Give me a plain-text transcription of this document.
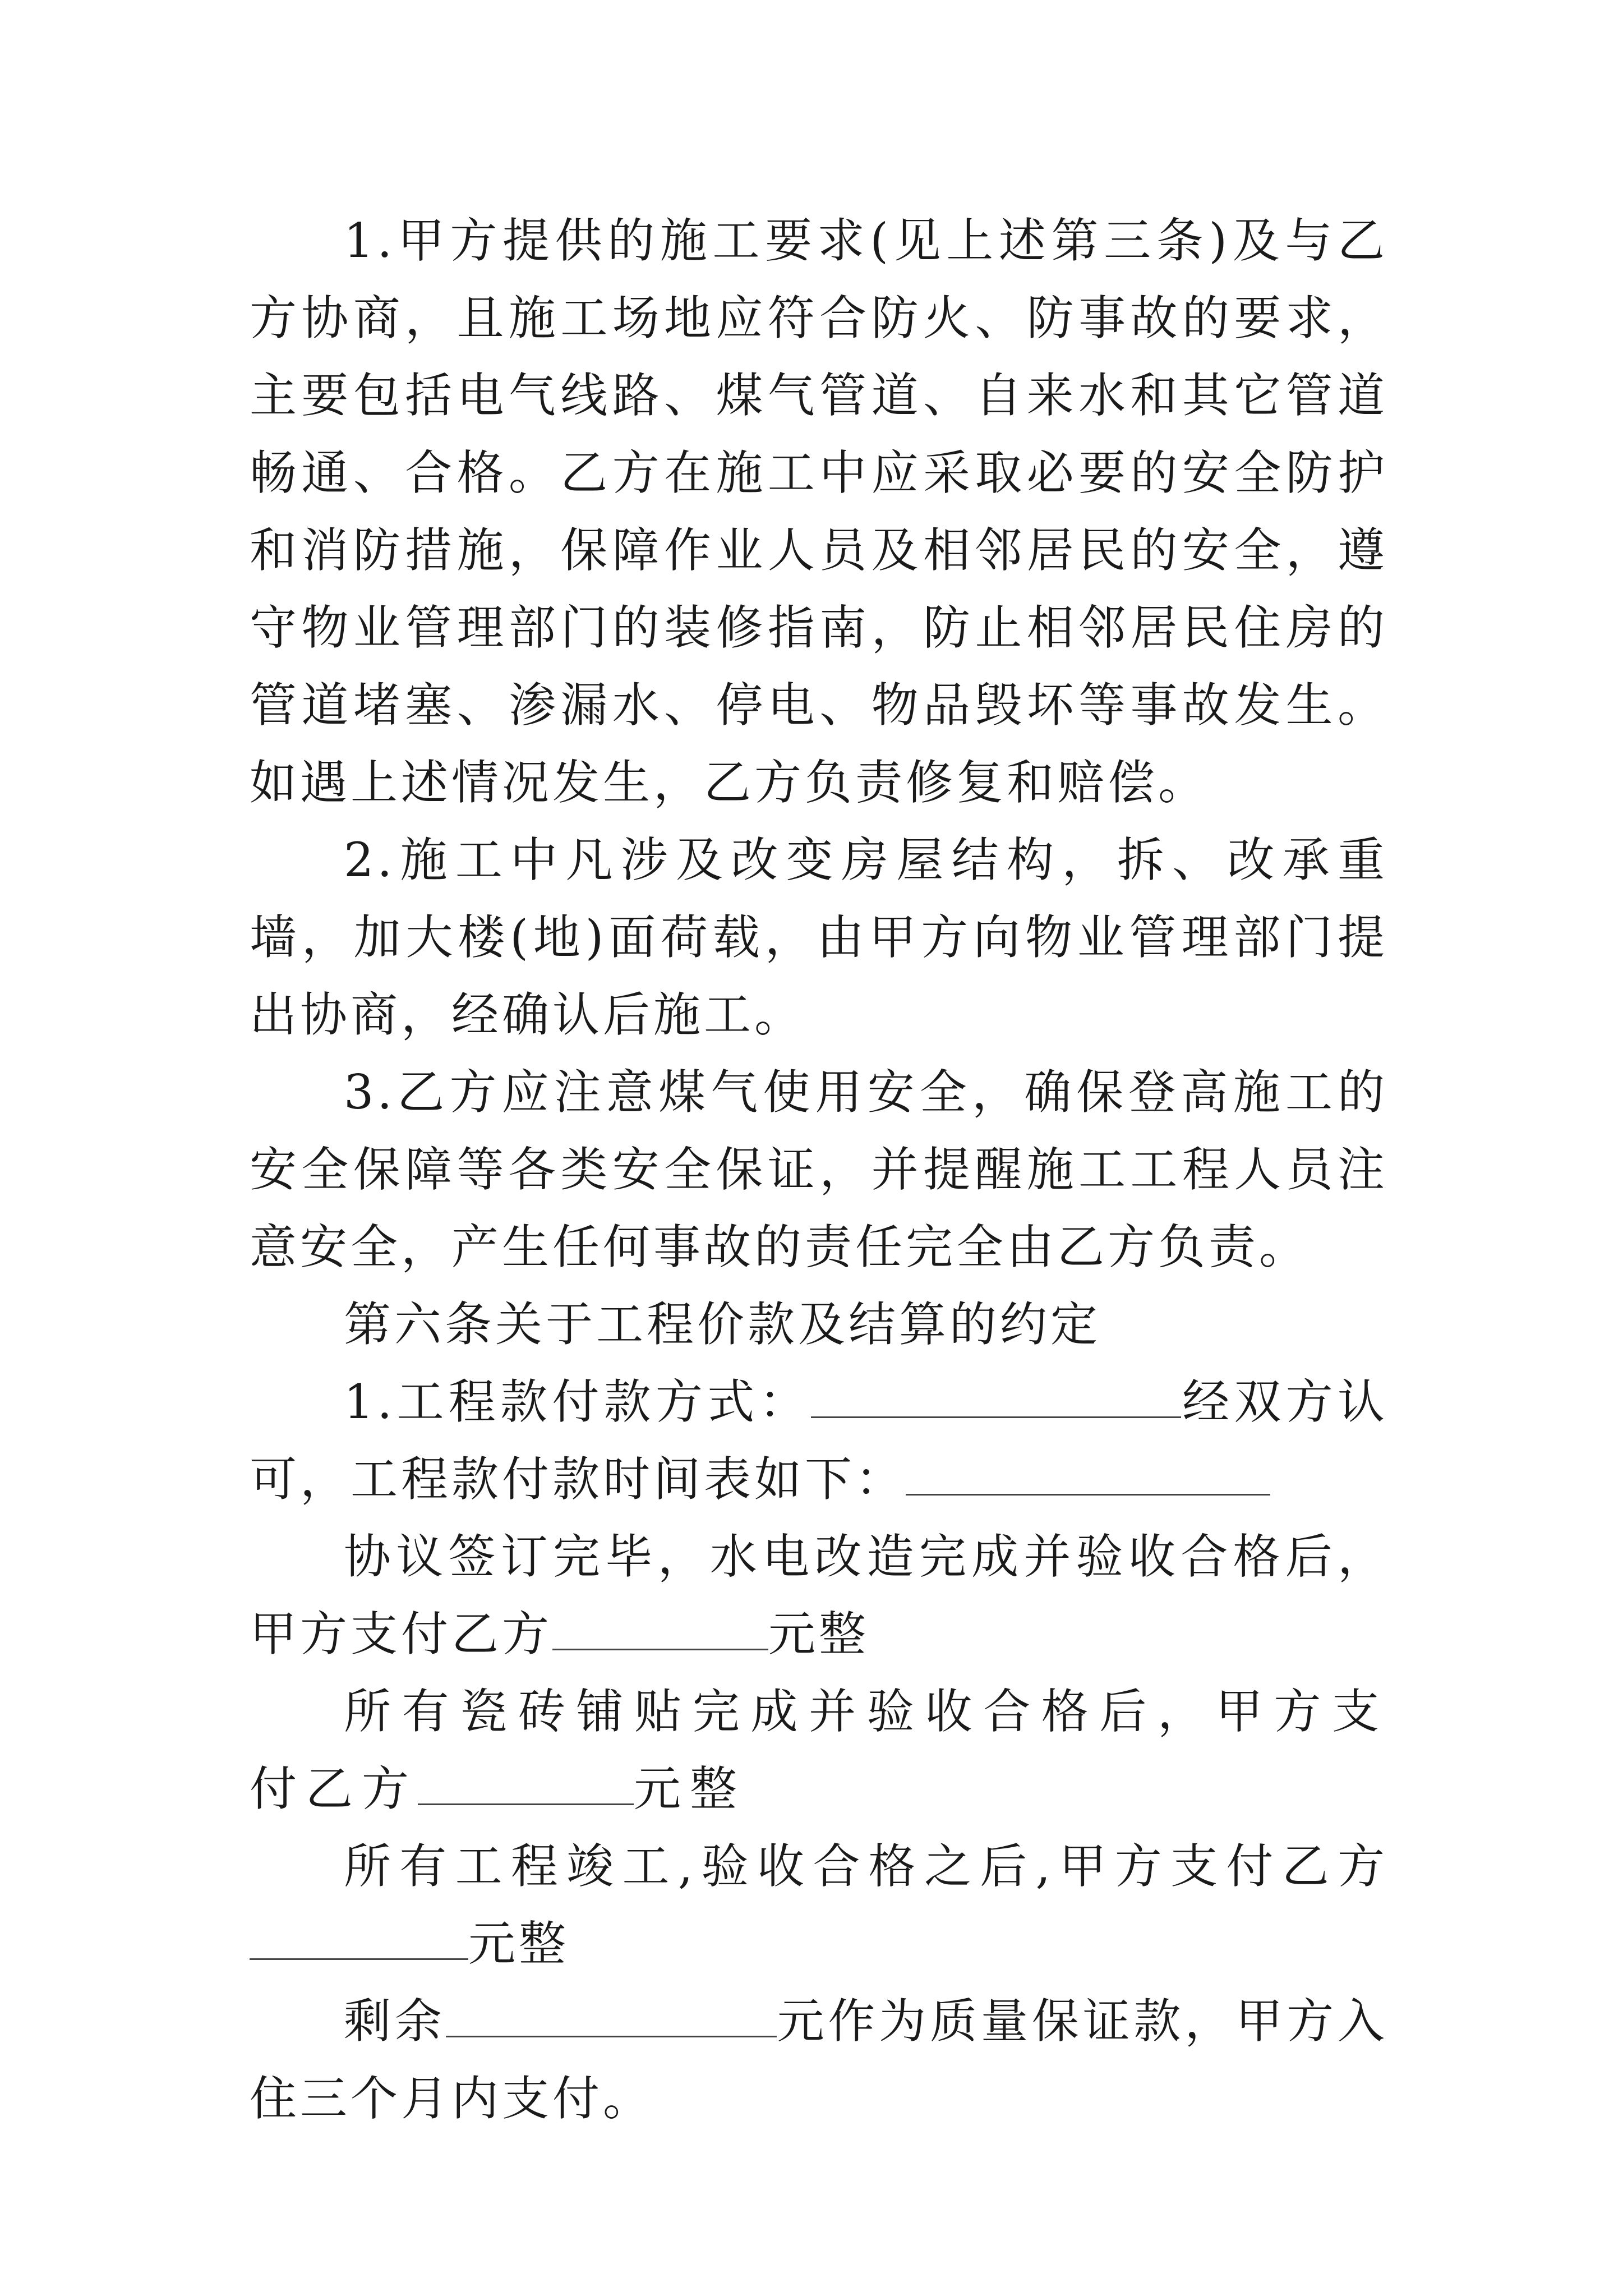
1.甲方提供的施工要求(见上述第三条)及与乙方协商，且施工场地应符合防火、防事故的要求，主要包括电气线路、煤气管道、自来水和其它管道畅通、合格。乙方在施工中应采取必要的安全防护和消防措施，保障作业人员及相邻居民的安全，遵守物业管理部门的装修指南，防止相邻居民住房的管道堵塞、渗漏水、停电、物品毁坏等事故发生。如遇上述情况发生，乙方负责修复和赔偿。

2.施工中凡涉及改变房屋结构，拆、改承重墙，加大楼(地)面荷载，由甲方向物业管理部门提出协商，经确认后施工。

3.乙方应注意煤气使用安全，确保登高施工的安全保障等各类安全保证，并提醒施工工程人员注意安全，产生任何事故的责任完全由乙方负责。

第六条关于工程价款及结算的约定

1.工程款付款方式：	经双方认可，工程款付款时间表如下：

协议签订完毕，水电改造完成并验收合格后，甲方支付乙方	元整

所有瓷砖铺贴完成并验收合格后，甲方支付乙方	元整

所有工程竣工,验收合格之后,甲方支付乙方元整

剩余	元作为质量保证款，甲方入住三个月内支付。
